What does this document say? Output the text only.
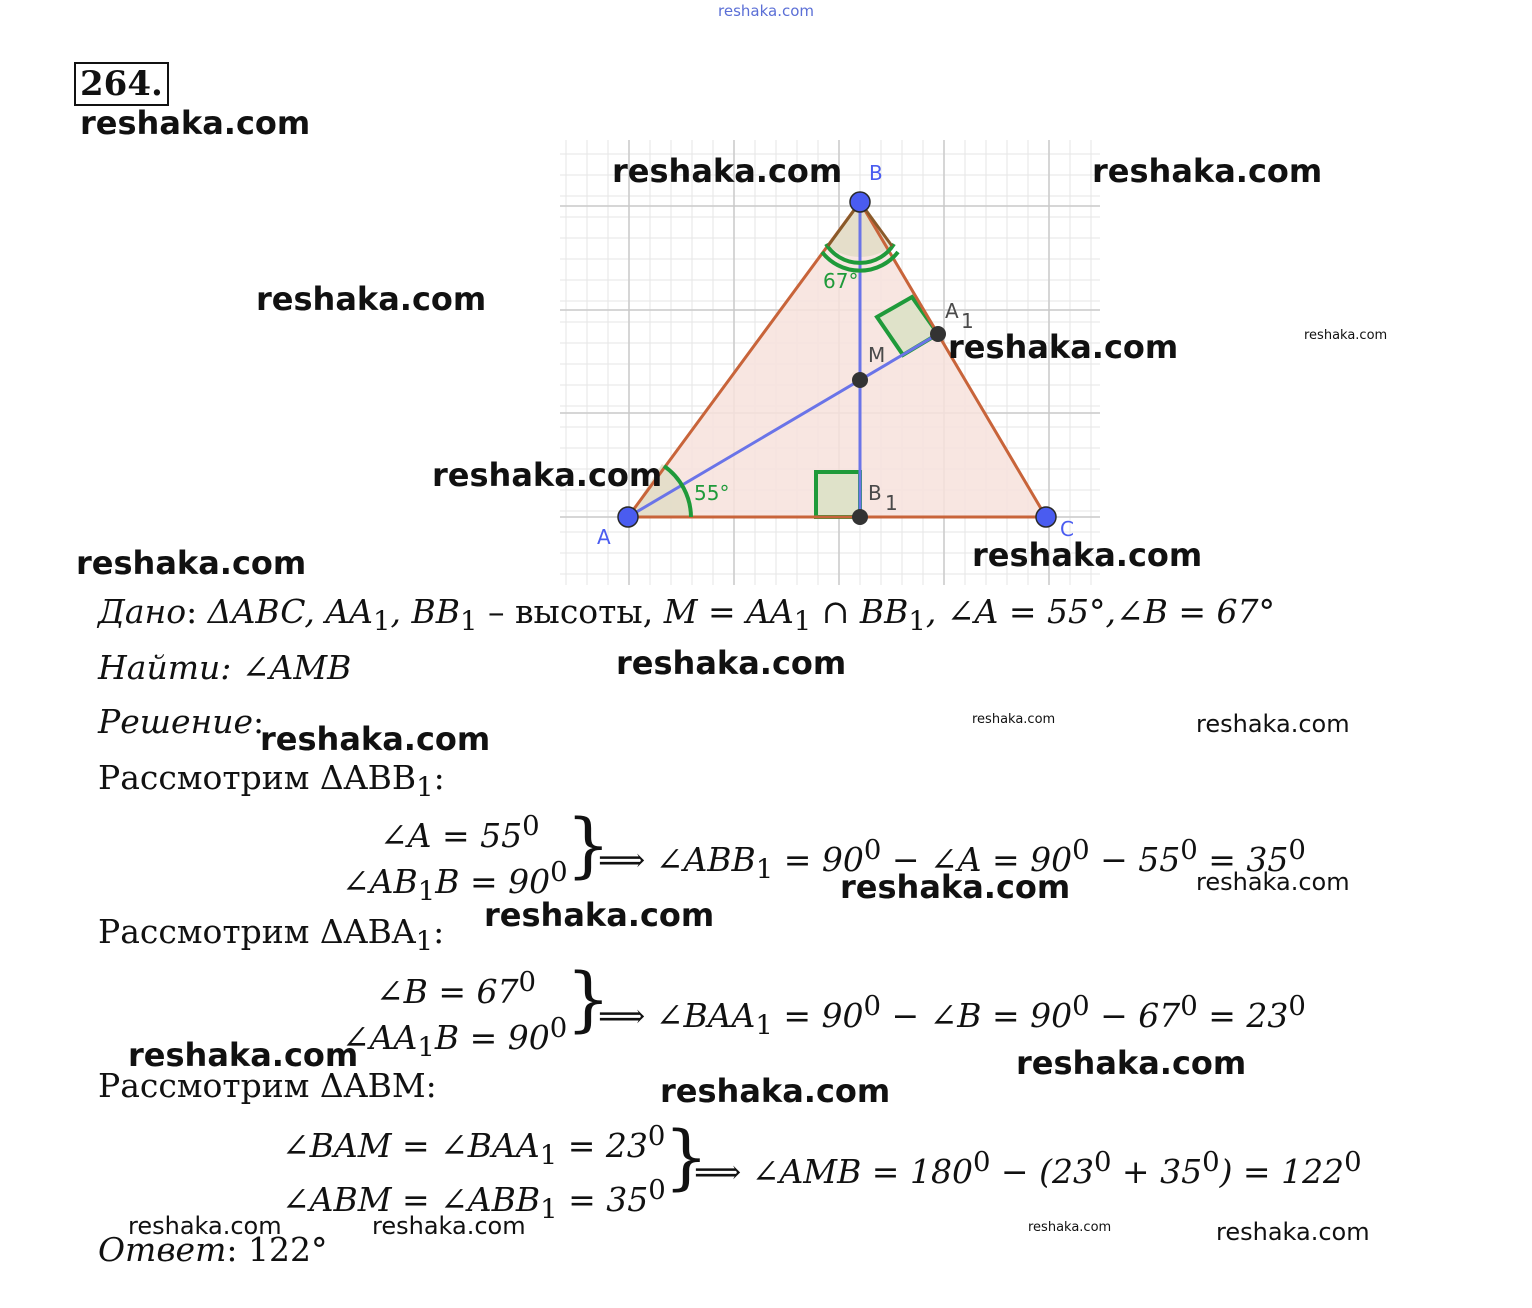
reshaka.com
264.
B
A	C
M
A 1
B 1
67°
55°
Дано: ΔABC, $AA_1$, $BB_1$ – высоты, $M = AA_1$ ∩ $BB_1$, ∠A = 55°,∠B = 67°
Найти: ∠AMB
Решение:
Рассмотрим $\Delta ABB_1$:
∠A = $55^0$
$\angle AB_1B = 90^0$
}
⟹ $\angle ABB_1 = 90^0$ − ∠A = $90^0 - 55^0 = 35^0$
Рассмотрим $\Delta ABA_1$:
∠B = $67^0$
$\angle AA_1B = 90^0$
}
⟹ $\angle BAA_1 = 90^0$ − ∠B = $90^0 - 67^0 = 23^0$
Рассмотрим ΔABM:
∠BAM = $\angle BAA_1 = 23^0$
∠ABM = $\angle ABB_1 = 35^0$
}
⟹ ∠AMB = $180^0 - (23^0 + 35^0) = 122^0$
Ответ: 122°
reshaka.com
reshaka.com	reshaka.com
reshaka.com
reshaka.com
reshaka.com
reshaka.com
reshaka.com	reshaka.com
reshaka.com
reshaka.com	reshaka.com
reshaka.com
reshaka.com	reshaka.com
reshaka.com
reshaka.com	reshaka.com
reshaka.com
reshaka.com	reshaka.com	reshaka.com	reshaka.com
